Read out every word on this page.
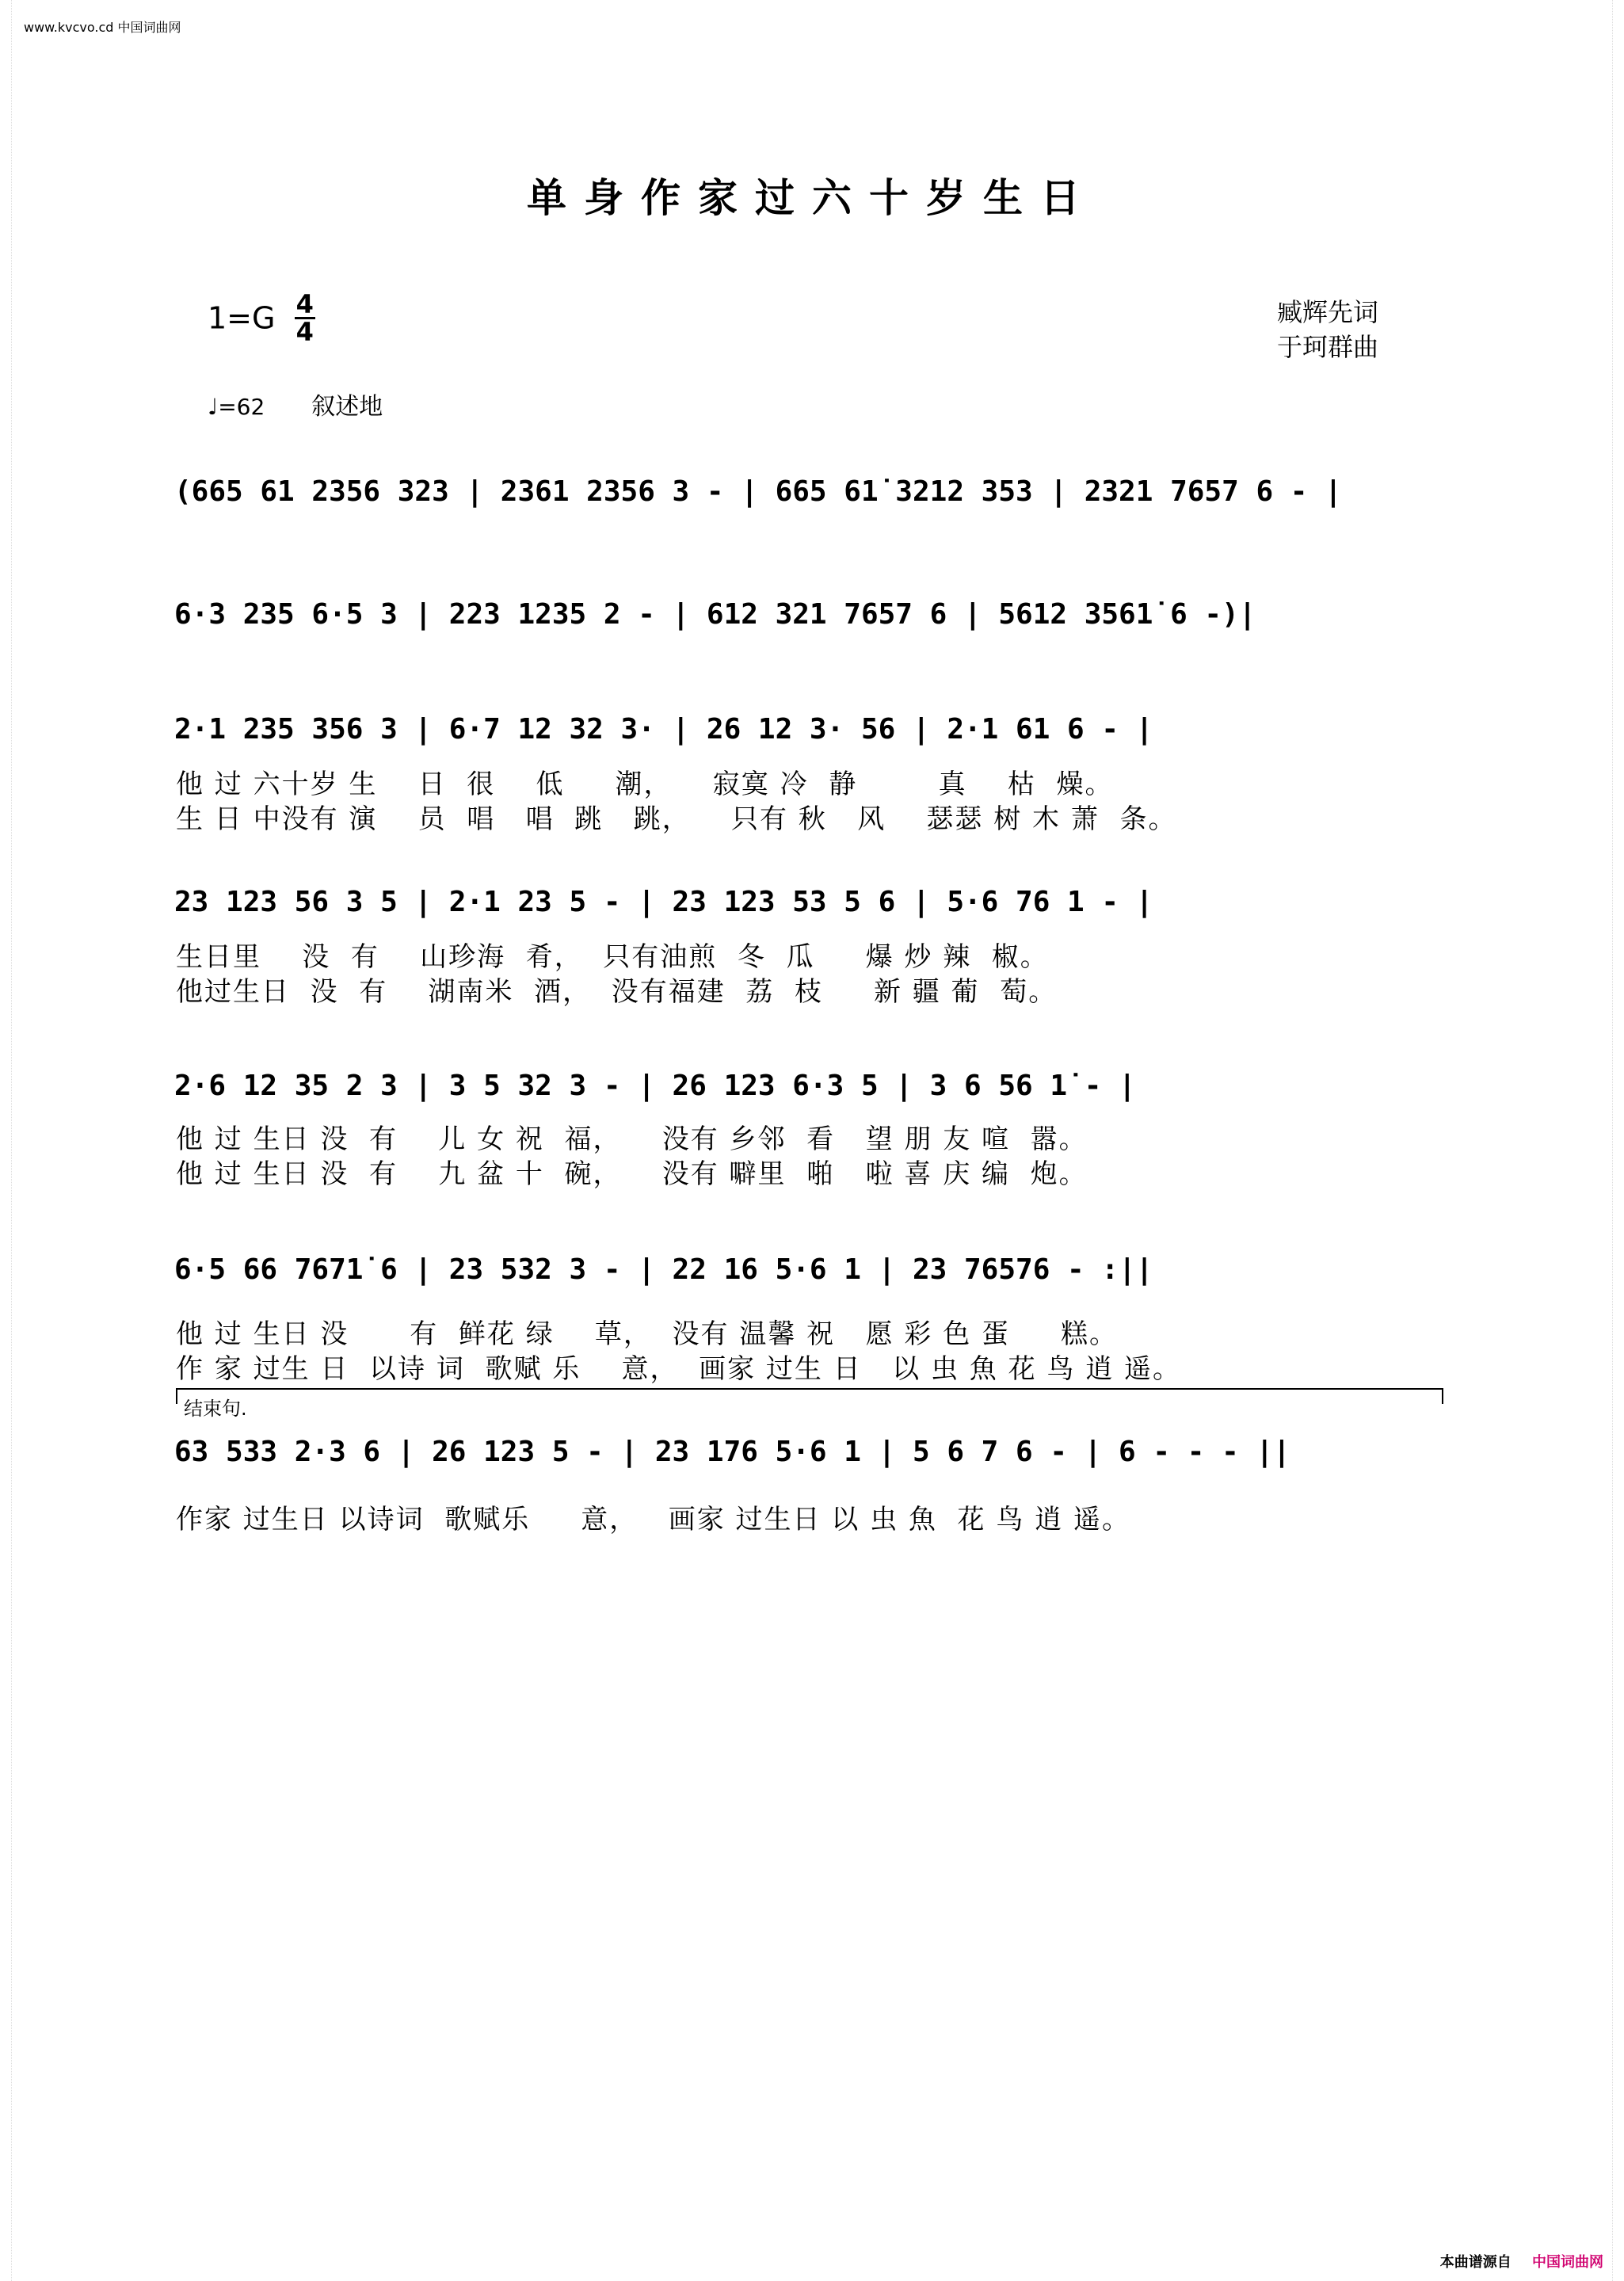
www.kvcvo.cd 中国词曲网
单身作家过六十岁生日
$1=G \frac{4}{4}$	臧辉先词
于珂群曲
♩=62 叙述地
(665 61 2356 323 | 2361 2356 3 - | 665 61̇ 3212 353 | 2321 7657 6 - |
6·3 235 6·5 3 | 223 1235 2 - | 612 321 7657 6 | 5612 3561̇ 6 -)|
2·1 235 356 3 | 6·7 12 32 3· | 26 12 3· 56 | 2·1 61 6 - |
他 过 六十岁 生    日  很    低     潮，    寂寞 冷  静        真    枯  燥。
生 日 中没有 演    员  唱   唱  跳   跳，    只有 秋   风    瑟瑟 树 木 萧  条。
23 123 56 3 5 | 2·1 23 5 - | 23 123 53 5 6 | 5·6 76 1 - |
生日里    没  有    山珍海  肴，  只有油煎  冬  瓜     爆 炒 辣  椒。
他过生日  没  有    湖南米  酒，  没有福建  荔  枝     新 疆 葡  萄。
2·6 12 35 2 3 | 3 5 32 3 - | 26 123 6·3 5 | 3 6 56 1̇ - |
他 过 生日 没  有    儿 女 祝  福，    没有 乡邻  看   望 朋 友 喧  嚣。
他 过 生日 没  有    九 盆 十  碗，    没有 噼里  啪   啦 喜 庆 编  炮。
6·5 66 7671̇ 6 | 23 532 3 - | 22 16 5·6 1 | 23 76576 - :||
他 过 生日 没      有  鲜花 绿    草，  没有 温馨 祝   愿 彩 色 蛋     糕。
作 家 过生 日  以诗 词  歌赋 乐    意，  画家 过生 日   以 虫 魚 花 鸟 逍 遥。
结束句.
63 533 2·3 6 | 26 123 5 - | 23 176 5·6 1 | 5 6 7 6 - | 6 - - - ||
作家 过生日 以诗词  歌赋乐     意，   画家 过生日 以 虫 魚  花 鸟 逍 遥。
本曲谱源自 中国词曲网
